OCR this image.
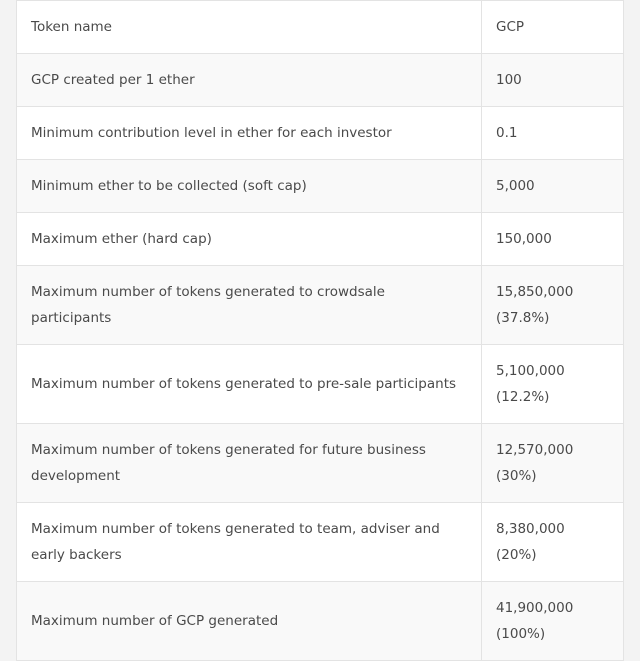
Token name	GCP
GCP created per 1 ether	100
Minimum contribution level in ether for each investor	0.1
Minimum ether to be collected (soft cap)	5,000
Maximum ether (hard cap)	150,000
Maximum number of tokens generated to crowdsale participants	15,850,000 (37.8%)
Maximum number of tokens generated to pre-sale participants	5,100,000 (12.2%)
Maximum number of tokens generated for future business development	12,570,000 (30%)
Maximum number of tokens generated to team, adviser and early backers	8,380,000 (20%)
Maximum number of GCP generated	41,900,000 (100%)
